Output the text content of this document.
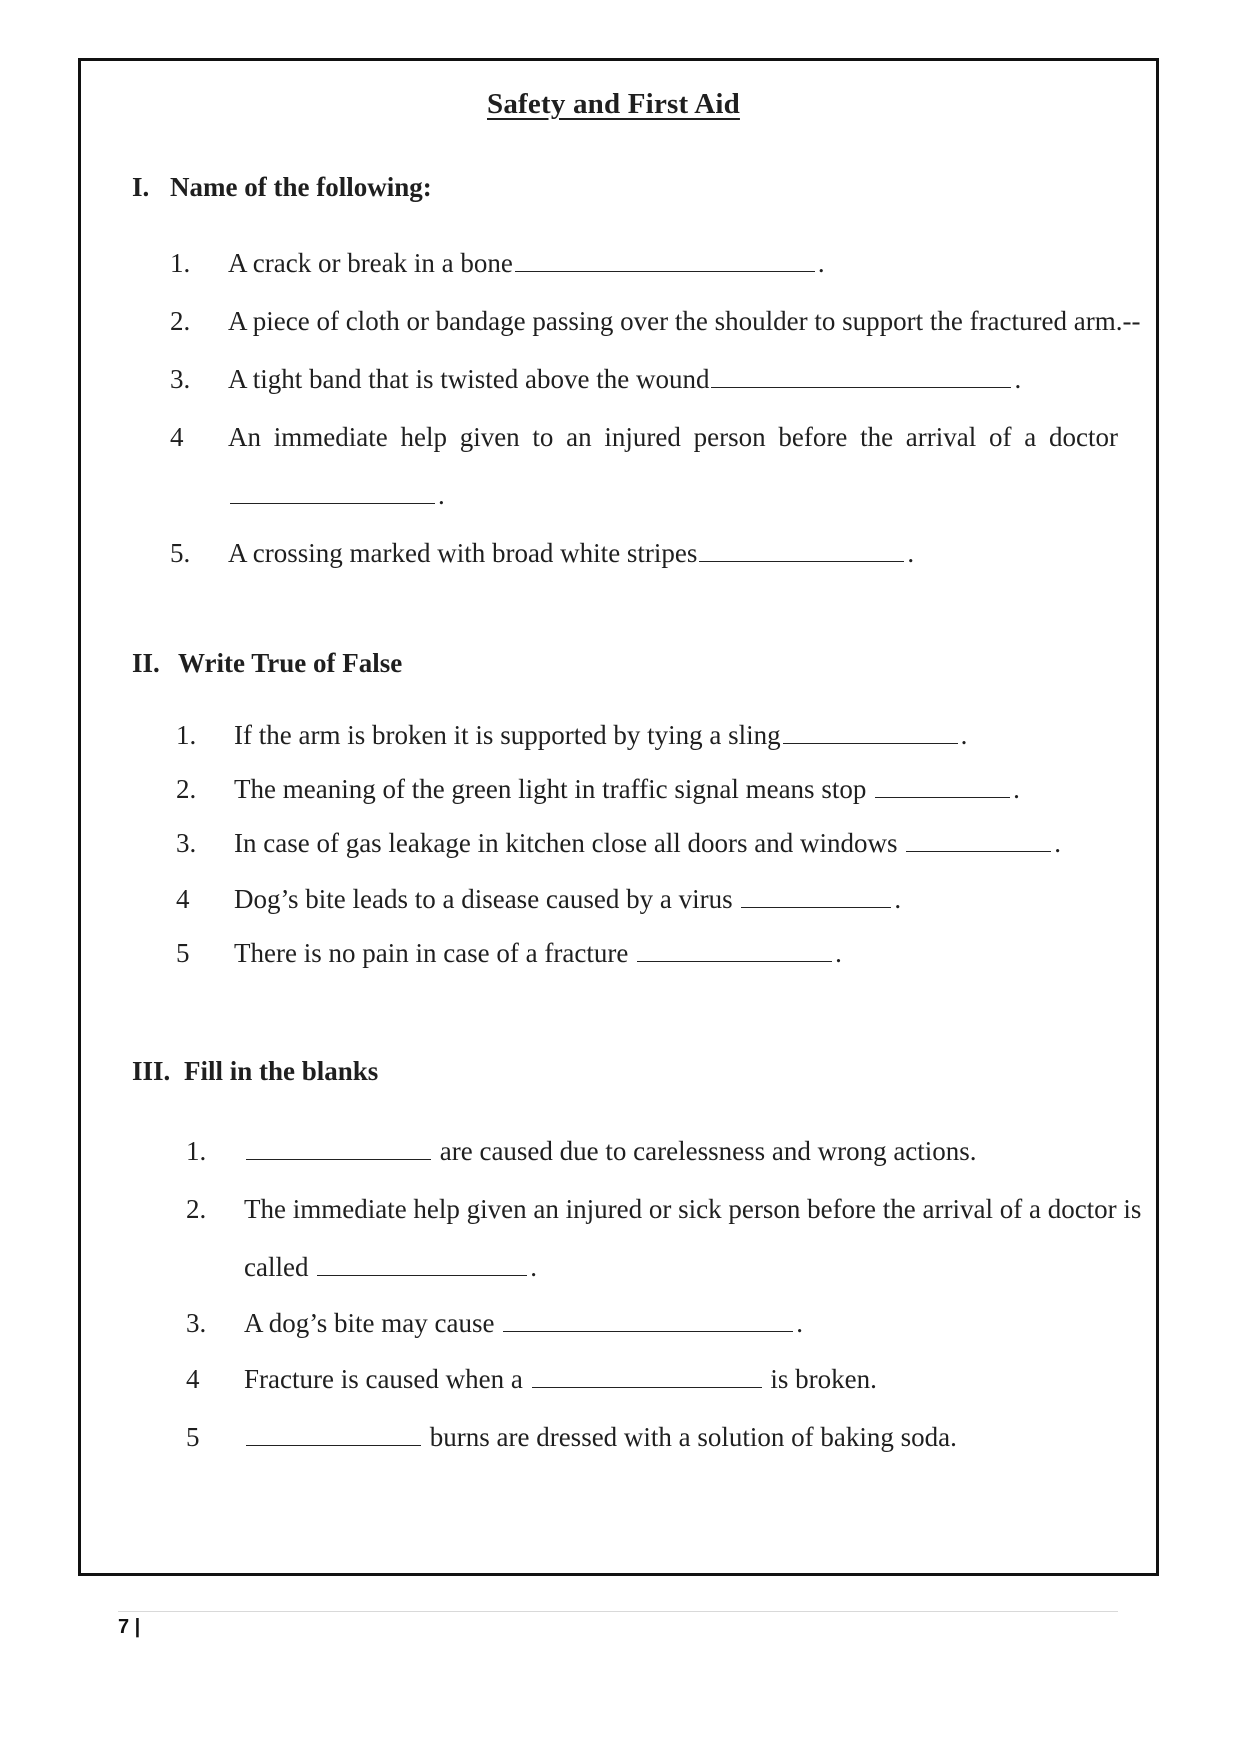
Safety and First Aid
I. Name of the following:
1. A crack or break in a bone	.
2. A piece of cloth or bandage passing over the shoulder to support the fractured arm.--
3. A tight band that is twisted above the wound	.
4 An immediate help given to an injured person before the arrival of a doctor
.
5. A crossing marked with broad white stripes	.
II. Write True of False
1. If the arm is broken it is supported by tying a sling	.
2. The meaning of the green light in traffic signal means stop	.
3. In case of gas leakage in kitchen close all doors and windows	.
4 Dog’s bite leads to a disease caused by a virus	.
5 There is no pain in case of a fracture	.
III. Fill in the blanks
1.	are caused due to carelessness and wrong actions.
2. The immediate help given an injured or sick person before the arrival of a doctor is
called	.
3. A dog’s bite may cause	.
4 Fracture is caused when a	is broken.
5	burns are dressed with a solution of baking soda.
7 |
